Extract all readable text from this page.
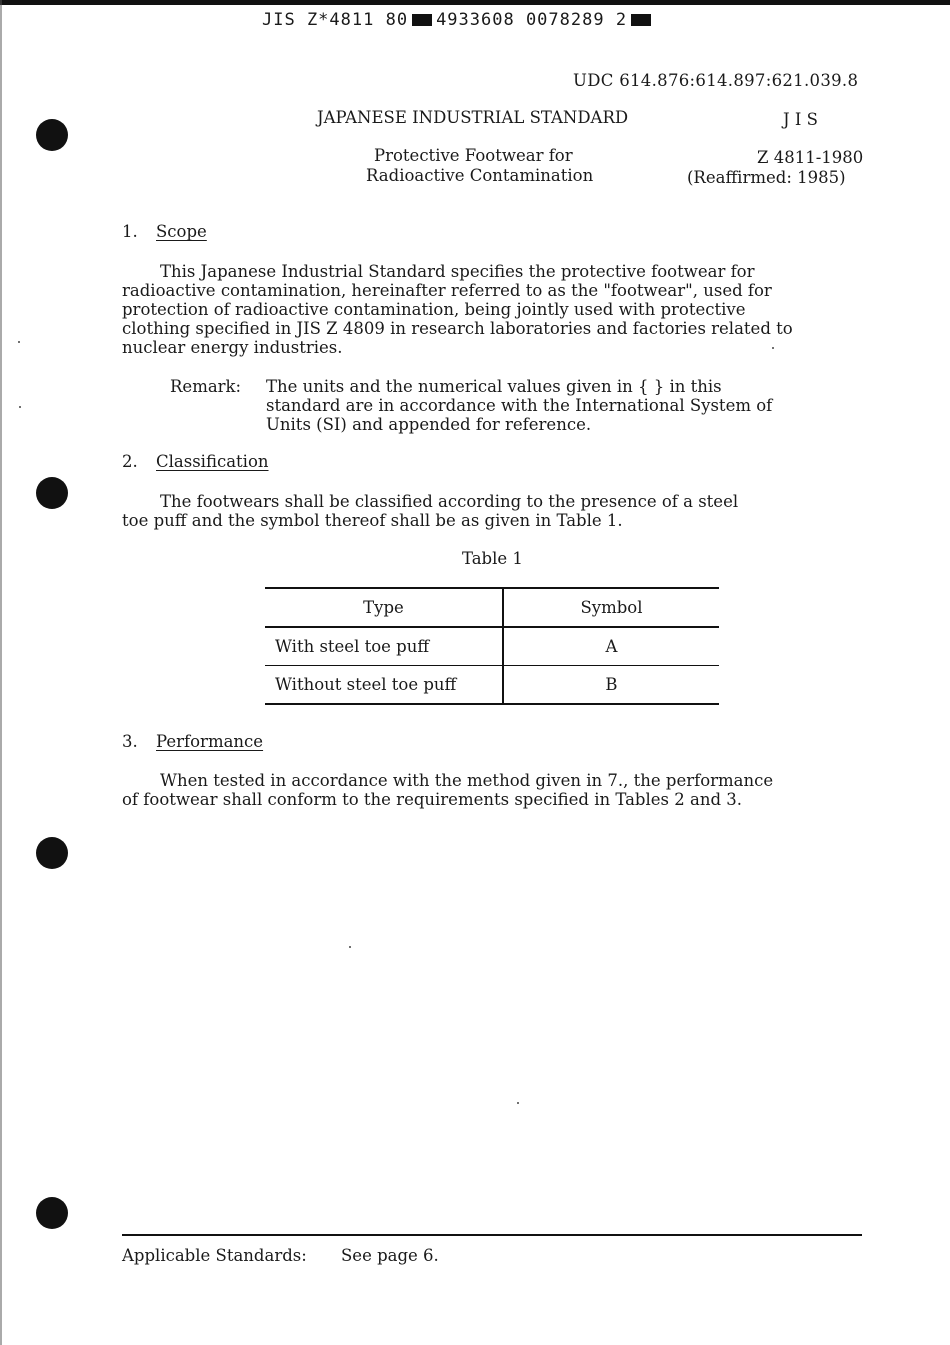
JIS Z*4811 80 4933608 0078289 2
UDC 614.876:614.897:621.039.8
JAPANESE INDUSTRIAL STANDARD	J I S
Protective Footwear for
Radioactive Contamination
Z 4811-1980
(Reaffirmed: 1985)
1. Scope
This Japanese Industrial Standard specifies the protective footwear for
radioactive contamination, hereinafter referred to as the "footwear", used for
protection of radioactive contamination, being jointly used with protective
clothing specified in JIS Z 4809 in research laboratories and factories related to
nuclear energy industries.
Remark: The units and the numerical values given in { } in this
standard are in accordance with the International System of
Units (SI) and appended for reference.
2. Classification
The footwears shall be classified according to the presence of a steel
toe puff and the symbol thereof shall be as given in Table 1.
Table 1
Type	Symbol
With steel toe puff	A
Without steel toe puff	B
3. Performance
When tested in accordance with the method given in 7., the performance
of footwear shall conform to the requirements specified in Tables 2 and 3.
Applicable Standards: See page 6.
